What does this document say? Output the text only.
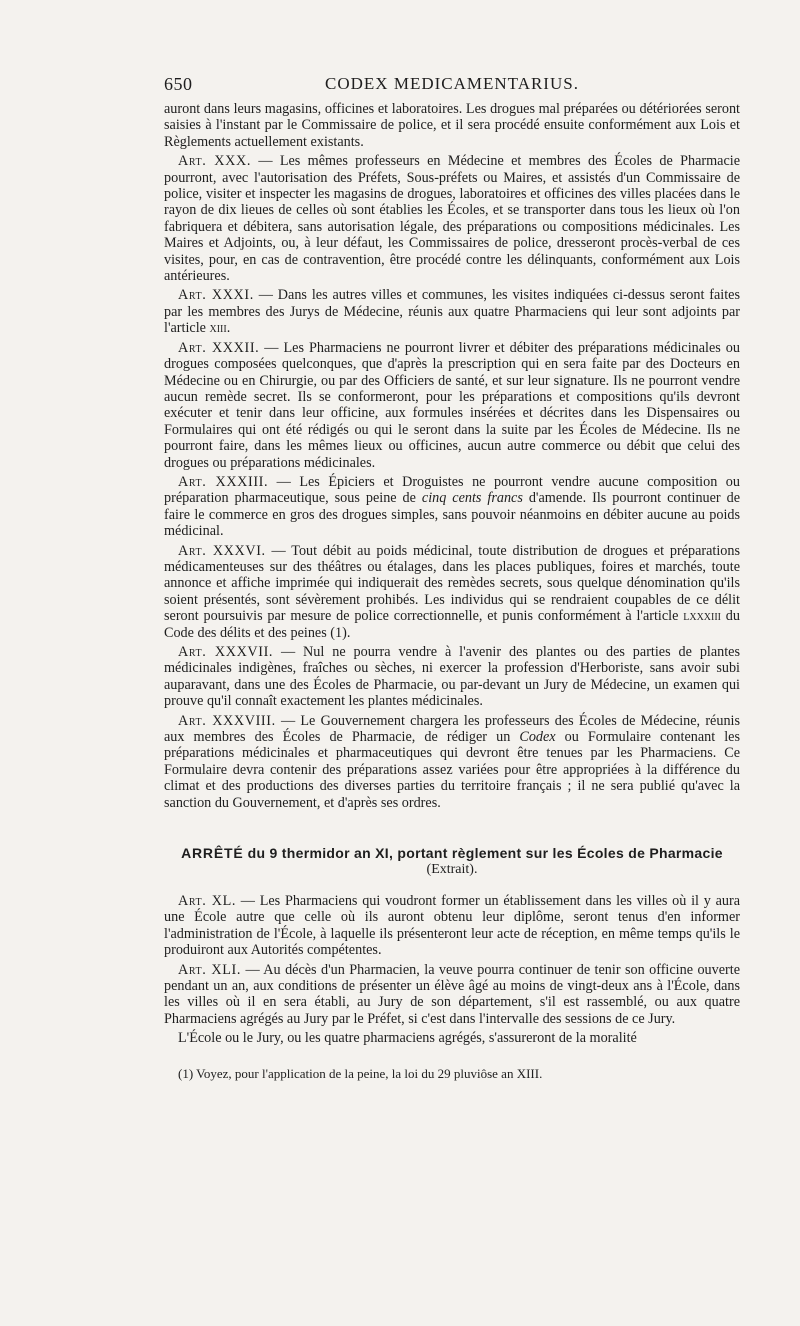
650	CODEX MEDICAMENTARIUS.

auront dans leurs magasins, officines et laboratoires. Les drogues mal préparées ou détériorées seront saisies à l'instant par le Commissaire de police, et il sera procédé ensuite conformément aux Lois et Règlements actuellement existants.

Art. XXX. — Les mêmes professeurs en Médecine et membres des Écoles de Pharmacie pourront, avec l'autorisation des Préfets, Sous-préfets ou Maires, et assistés d'un Commissaire de police, visiter et inspecter les magasins de drogues, laboratoires et officines des villes placées dans le rayon de dix lieues de celles où sont établies les Écoles, et se transporter dans tous les lieux où l'on fabriquera et débitera, sans autorisation légale, des préparations ou compositions médicinales. Les Maires et Adjoints, ou, à leur défaut, les Commissaires de police, dresseront procès-verbal de ces visites, pour, en cas de contravention, être procédé contre les délinquants, conformément aux Lois antérieures.

Art. XXXI. — Dans les autres villes et communes, les visites indiquées ci-dessus seront faites par les membres des Jurys de Médecine, réunis aux quatre Pharmaciens qui leur sont adjoints par l'article xiii.

Art. XXXII. — Les Pharmaciens ne pourront livrer et débiter des préparations médicinales ou drogues composées quelconques, que d'après la prescription qui en sera faite par des Docteurs en Médecine ou en Chirurgie, ou par des Officiers de santé, et sur leur signature. Ils ne pourront vendre aucun remède secret. Ils se conformeront, pour les préparations et compositions qu'ils devront exécuter et tenir dans leur officine, aux formules insérées et décrites dans les Dispensaires ou Formulaires qui ont été rédigés ou qui le seront dans la suite par les Écoles de Médecine. Ils ne pourront faire, dans les mêmes lieux ou officines, aucun autre commerce ou débit que celui des drogues ou préparations médicinales.

Art. XXXIII. — Les Épiciers et Droguistes ne pourront vendre aucune composition ou préparation pharmaceutique, sous peine de cinq cents francs d'amende. Ils pourront continuer de faire le commerce en gros des drogues simples, sans pouvoir néanmoins en débiter aucune au poids médicinal.

Art. XXXVI. — Tout débit au poids médicinal, toute distribution de drogues et préparations médicamenteuses sur des théâtres ou étalages, dans les places publiques, foires et marchés, toute annonce et affiche imprimée qui indiquerait des remèdes secrets, sous quelque dénomination qu'ils soient présentés, sont sévèrement prohibés. Les individus qui se rendraient coupables de ce délit seront poursuivis par mesure de police correctionnelle, et punis conformément à l'article lxxxiii du Code des délits et des peines (1).

Art. XXXVII. — Nul ne pourra vendre à l'avenir des plantes ou des parties de plantes médicinales indigènes, fraîches ou sèches, ni exercer la profession d'Herboriste, sans avoir subi auparavant, dans une des Écoles de Pharmacie, ou par-devant un Jury de Médecine, un examen qui prouve qu'il connaît exactement les plantes médicinales.

Art. XXXVIII. — Le Gouvernement chargera les professeurs des Écoles de Médecine, réunis aux membres des Écoles de Pharmacie, de rédiger un Codex ou Formulaire contenant les préparations médicinales et pharmaceutiques qui devront être tenues par les Pharmaciens. Ce Formulaire devra contenir des préparations assez variées pour être appropriées à la différence du climat et des productions des diverses parties du territoire français ; il ne sera publié qu'avec la sanction du Gouvernement, et d'après ses ordres.

ARRÊTÉ du 9 thermidor an XI, portant règlement sur les Écoles de Pharmacie
(Extrait).

Art. XL. — Les Pharmaciens qui voudront former un établissement dans les villes où il y aura une École autre que celle où ils auront obtenu leur diplôme, seront tenus d'en informer l'administration de l'École, à laquelle ils présenteront leur acte de réception, en même temps qu'ils le produiront aux Autorités compétentes.

Art. XLI. — Au décès d'un Pharmacien, la veuve pourra continuer de tenir son officine ouverte pendant un an, aux conditions de présenter un élève âgé au moins de vingt-deux ans à l'École, dans les villes où il en sera établi, au Jury de son département, s'il est rassemblé, ou aux quatre Pharmaciens agrégés au Jury par le Préfet, si c'est dans l'intervalle des sessions de ce Jury.

L'École ou le Jury, ou les quatre pharmaciens agrégés, s'assureront de la moralité

(1) Voyez, pour l'application de la peine, la loi du 29 pluviôse an XIII.
